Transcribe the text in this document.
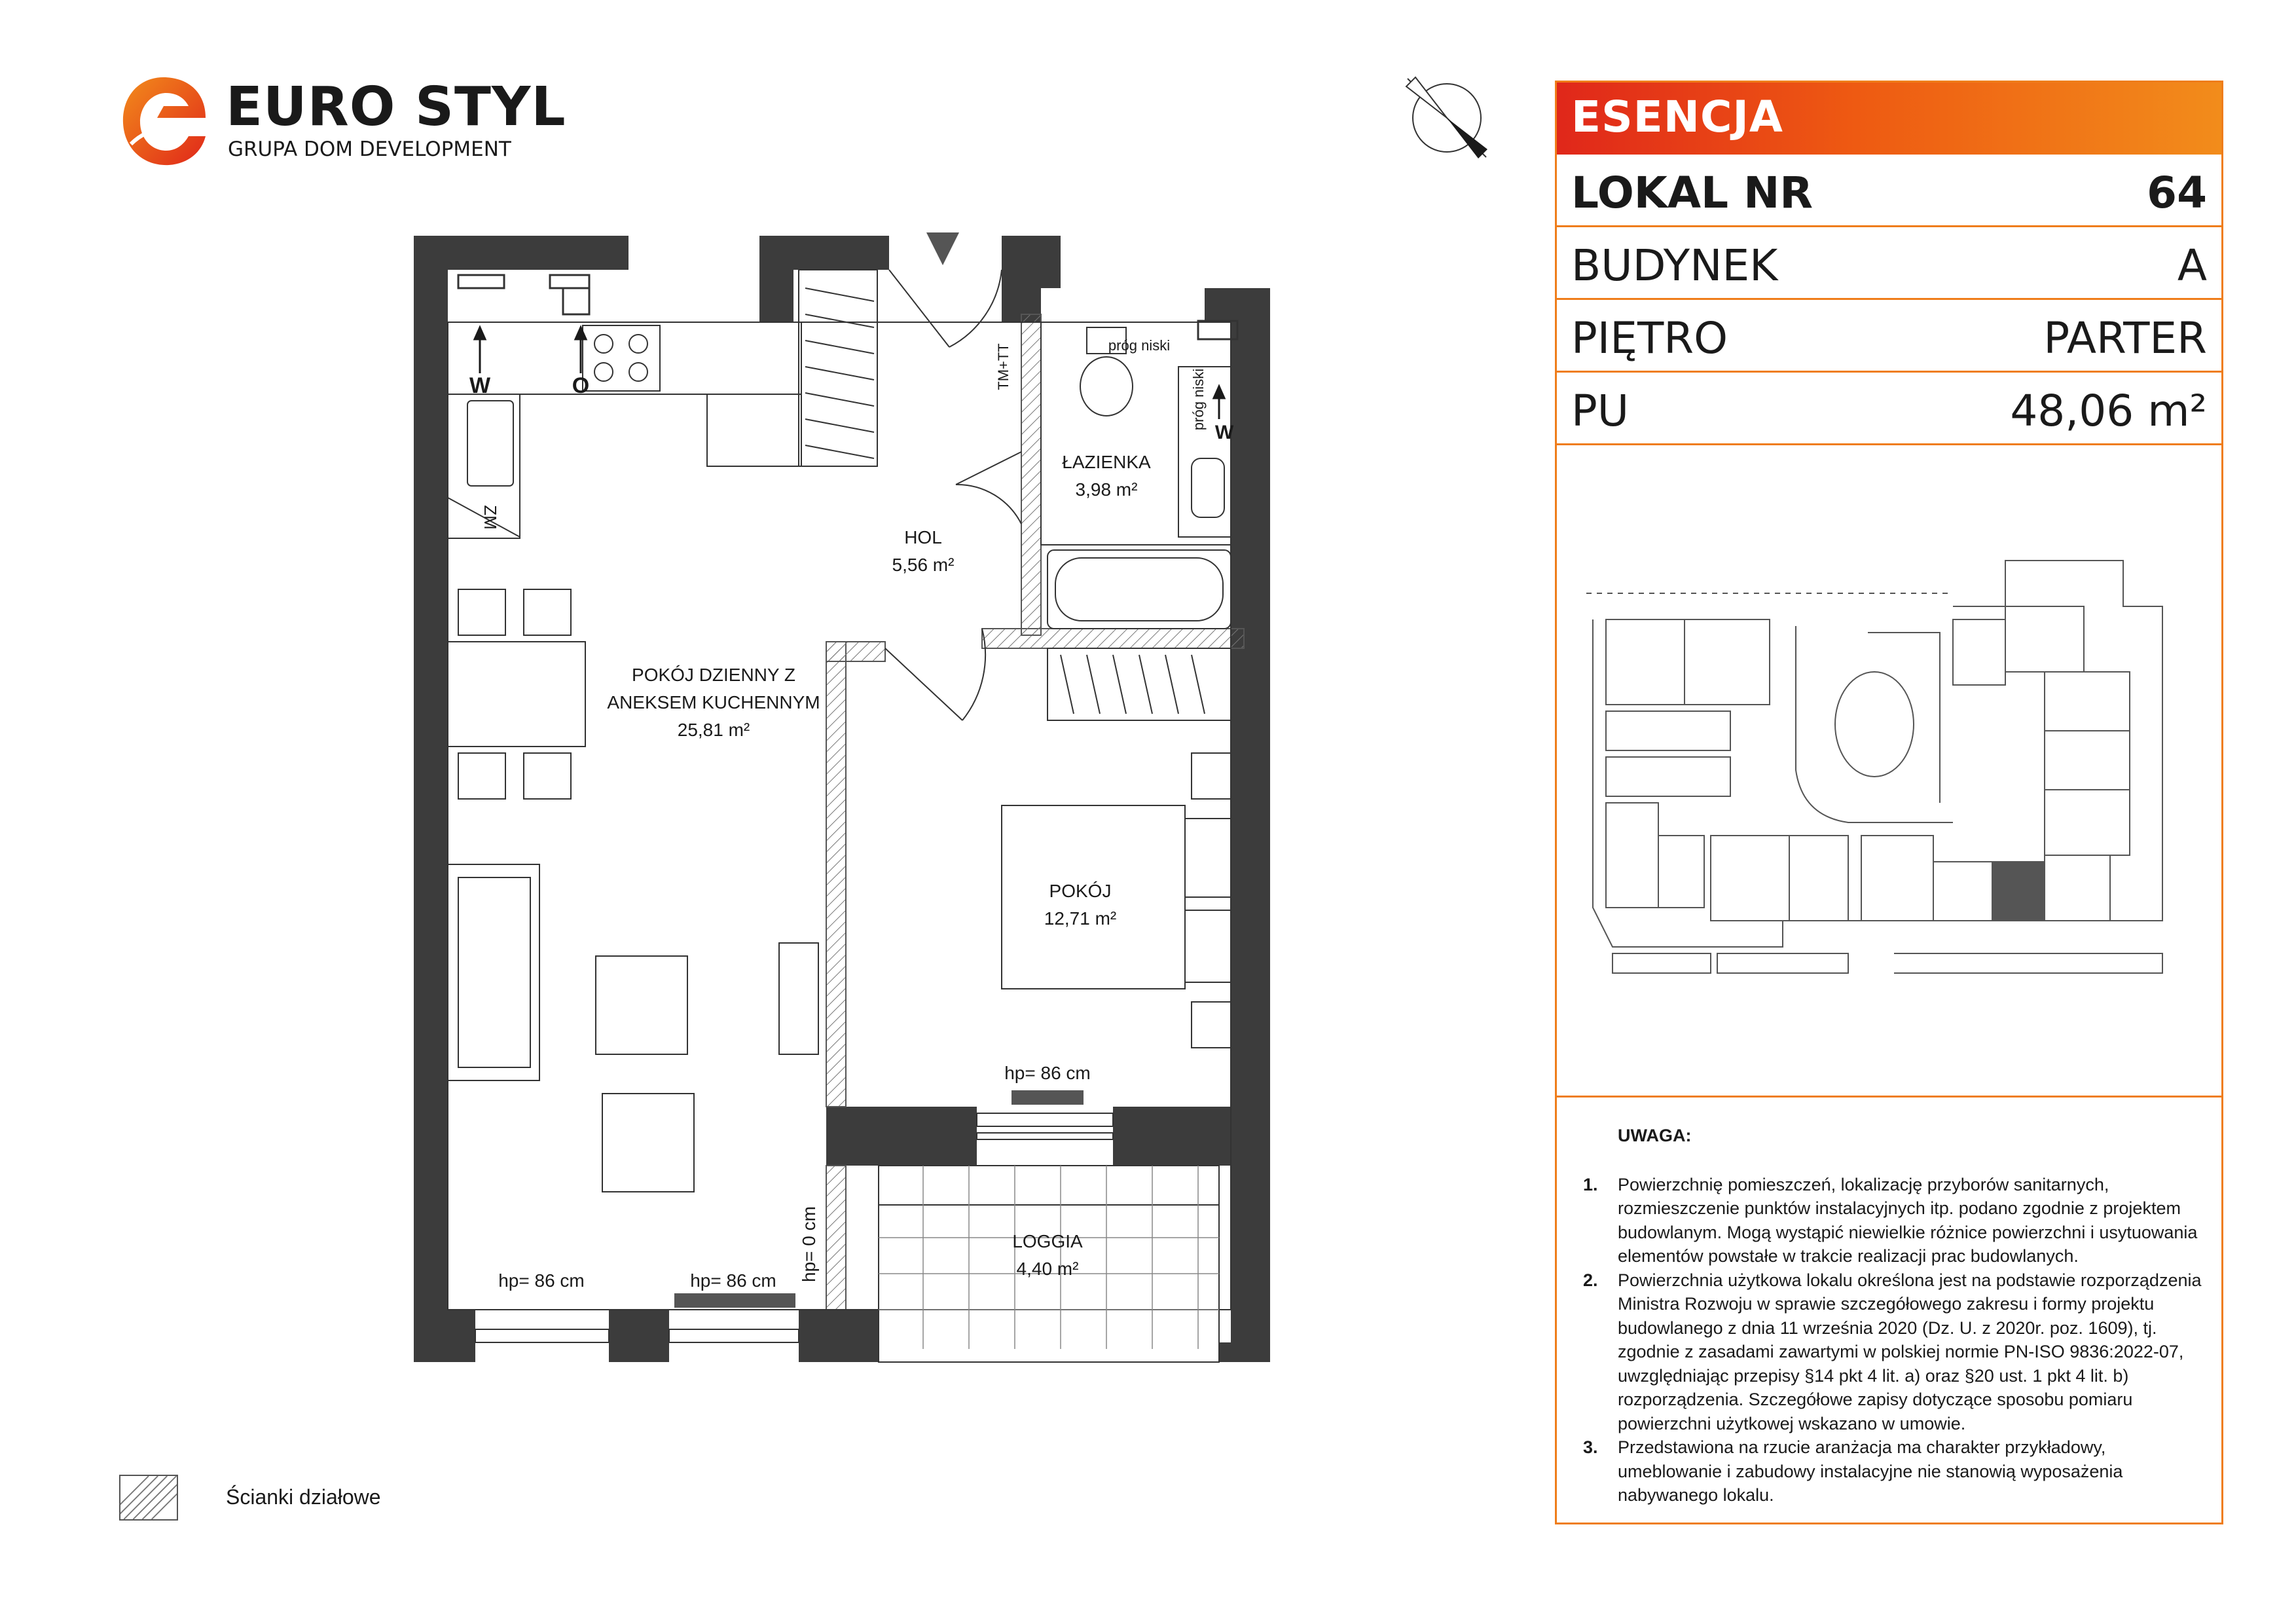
EURO STYL
GRUPA DOM DEVELOPMENT
W	O
ZM
TM+TT	próg niski
próg niski
W
POKÓJ DZIENNY Z
ANEKSEM KUCHENNYM
25,81 m²
HOL
5,56 m²
ŁAZIENKA
3,98 m²
POKÓJ
12,71 m²
LOGGIA
4,40 m²
hp= 86 cm
hp= 86 cm	hp= 86 cm hp= 0 cm
ESENCJA
LOKAL NR	64
BUDYNEK	A
PIĘTRO	PARTER
PU	48,06 m²
UWAGA:
1. Powierzchnię pomieszczeń, lokalizację przyborów sanitarnych, rozmieszczenie punktów instalacyjnych itp. podano zgodnie z projektem budowlanym. Mogą wystąpić niewielkie różnice powierzchni i usytuowania elementów powstałe w trakcie realizacji prac budowlanych.
2. Powierzchnia użytkowa lokalu określona jest na podstawie rozporządzenia Ministra Rozwoju w sprawie szczegółowego zakresu i formy projektu budowlanego z dnia 11 września 2020 (Dz. U. z 2020r. poz. 1609), tj. zgodnie z zasadami zawartymi w polskiej normie PN-ISO 9836:2022-07, uwzględniając przepisy §14 pkt 4 lit. a) oraz §20 ust. 1 pkt 4 lit. b) rozporządzenia. Szczegółowe zapisy dotyczące sposobu pomiaru powierzchni użytkowej wskazano w umowie.
3. Przedstawiona na rzucie aranżacja ma charakter przykładowy, umeblowanie i zabudowy instalacyjne nie stanowią wyposażenia nabywanego lokalu.
Ścianki działowe
